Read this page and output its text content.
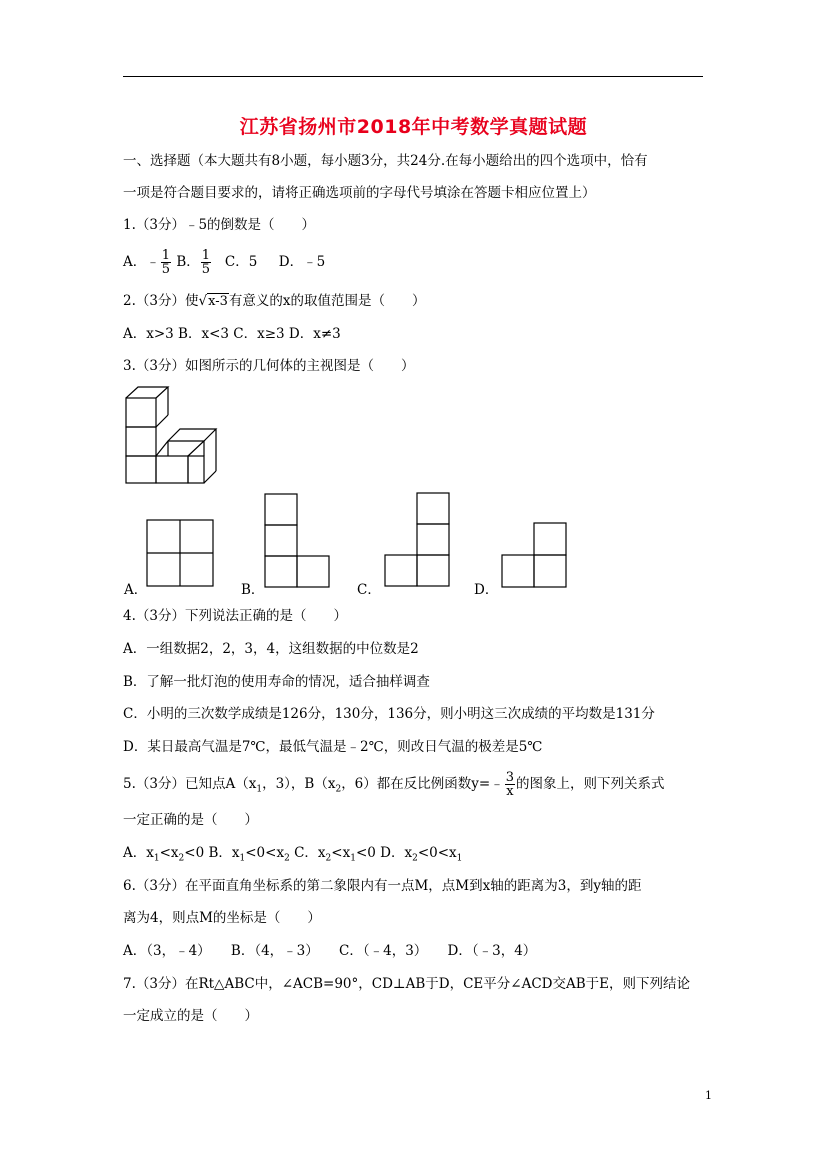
江苏省扬州市2018年中考数学真题试题
一、选择题（本大题共有8小题，每小题3分，共24分.在每小题给出的四个选项中，恰有
一项是符合题目要求的，请将正确选项前的字母代号填涂在答题卡相应位置上）
1.（3分）﹣5的倒数是（　　）
A．﹣ $\frac{1}{5}$ B． $\frac{1}{5}$ C．5 D．﹣5
2.（3分）使√x-3有意义的x的取值范围是（　　）
A．x>3 B．x<3 C．x≥3 D．x≠3
3.（3分）如图所示的几何体的主视图是（　　）
A．	B．	C．	D．
4.（3分）下列说法正确的是（　　）
A．一组数据2，2，3，4，这组数据的中位数是2
B．了解一批灯泡的使用寿命的情况，适合抽样调查
C．小明的三次数学成绩是126分，130分，136分，则小明这三次成绩的平均数是131分
D．某日最高气温是7℃，最低气温是﹣2℃，则改日气温的极差是5℃
5.（3分）已知点$A(x_1$，3），$B(x_2$，6）都在反比例函数y=﹣ $\frac{3}{x}$ 的图象上，则下列关系式
一定正确的是（　　）
A．$x_1<x_2<0$ B．$x_1<0<x_2$ C．$x_2<x_1<0$ D．$x_2<0<x_1$
6.（3分）在平面直角坐标系的第二象限内有一点M，点M到x轴的距离为3，到y轴的距
离为4，则点M的坐标是（　　）
A．（3，﹣4）　　B．（4，﹣3）　　C．（﹣4，3）　　D．（﹣3，4）
7.（3分）在Rt△ABC中，∠ACB=90°，CD⊥AB于D，CE平分∠ACD交AB于E，则下列结论
一定成立的是（　　）
1
